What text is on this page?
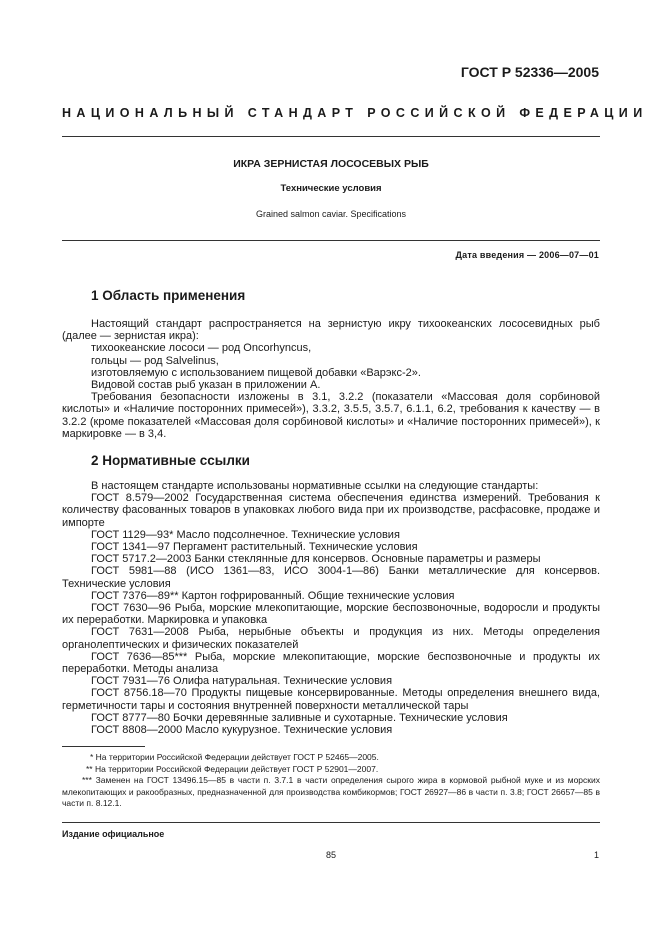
ГОСТ Р 52336—2005
НАЦИОНАЛЬНЫЙ СТАНДАРТ РОССИЙСКОЙ ФЕДЕРАЦИИ
ИКРА ЗЕРНИСТАЯ ЛОСОСЕВЫХ РЫБ
Технические условия
Grained salmon caviar. Specifications
Дата введения — 2006—07—01
1 Область применения

Настоящий стандарт распространяется на зернистую икру тихоокеанских лососевидных рыб (далее — зернистая икра):

тихоокеанские лососи — род Oncorhyncus,

гольцы — род Salvelinus,

изготовляемую с использованием пищевой добавки «Варэкс-2».

Видовой состав рыб указан в приложении А.

Требования безопасности изложены в 3.1, 3.2.2 (показатели «Массовая доля сорбиновой кислоты» и «Наличие посторонних примесей»), 3.3.2, 3.5.5, 3.5.7, 6.1.1, 6.2, требования к качеству — в 3.2.2 (кроме показателей «Массовая доля сорбиновой кислоты» и «Наличие посторонних примесей»), к маркировке — в 3,4.

2 Нормативные ссылки

В настоящем стандарте использованы нормативные ссылки на следующие стандарты:

ГОСТ 8.579—2002 Государственная система обеспечения единства измерений. Требования к количеству фасованных товаров в упаковках любого вида при их производстве, расфасовке, продаже и импорте

ГОСТ 1129—93* Масло подсолнечное. Технические условия

ГОСТ 1341—97 Пергамент растительный. Технические условия

ГОСТ 5717.2—2003 Банки стеклянные для консервов. Основные параметры и размеры

ГОСТ 5981—88 (ИСО 1361—83, ИСО 3004-1—86) Банки металлические для консервов. Технические условия

ГОСТ 7376—89** Картон гофрированный. Общие технические условия

ГОСТ 7630—96 Рыба, морские млекопитающие, морские беспозвоночные, водоросли и продукты их переработки. Маркировка и упаковка

ГОСТ 7631—2008 Рыба, нерыбные объекты и продукция из них. Методы определения органолептических и физических показателей

ГОСТ 7636—85*** Рыба, морские млекопитающие, морские беспозвоночные и продукты их переработки. Методы анализа

ГОСТ 7931—76 Олифа натуральная. Технические условия

ГОСТ 8756.18—70 Продукты пищевые консервированные. Методы определения внешнего вида, герметичности тары и состояния внутренней поверхности металлической тары

ГОСТ 8777—80 Бочки деревянные заливные и сухотарные. Технические условия

ГОСТ 8808—2000 Масло кукурузное. Технические условия

* На территории Российской Федерации действует ГОСТ Р 52465—2005.

** На территории Российской Федерации действует ГОСТ Р 52901—2007.

*** Заменен на ГОСТ 13496.15—85 в части п. 3.7.1 в части определения сырого жира в кормовой рыбной муке и из морских млекопитающих и ракообразных, предназначенной для производства комбикормов; ГОСТ 26927—86 в части п. 3.8; ГОСТ 26657—85 в части п. 8.12.1.

Издание официальное
85	1
